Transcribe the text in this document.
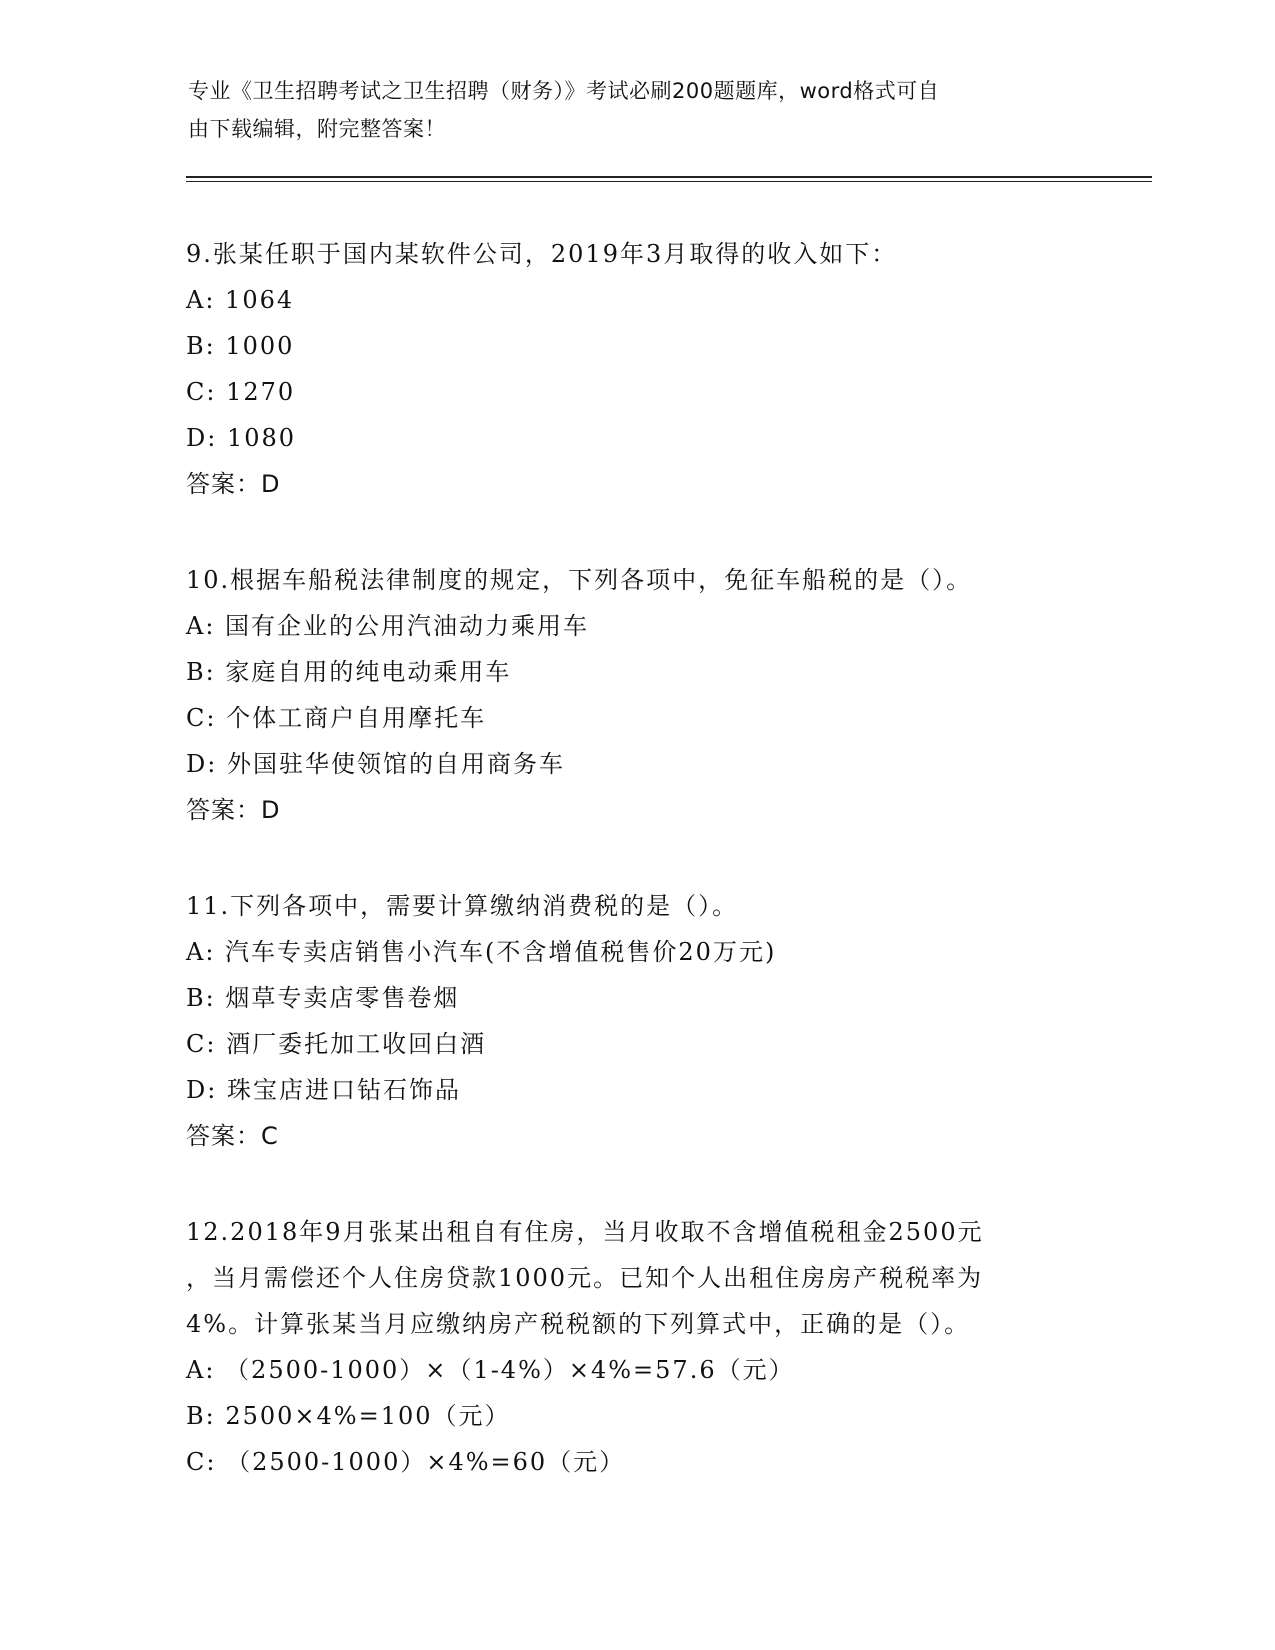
专业《卫生招聘考试之卫生招聘（财务）》考试必刷200题题库，word格式可自
由下载编辑，附完整答案！
9.张某任职于国内某软件公司，2019年3月取得的收入如下：
A: 1064
B: 1000
C: 1270
D: 1080
答案：D
10.根据车船税法律制度的规定，下列各项中，免征车船税的是（）。
A: 国有企业的公用汽油动力乘用车
B: 家庭自用的纯电动乘用车
C: 个体工商户自用摩托车
D: 外国驻华使领馆的自用商务车
答案：D
11.下列各项中，需要计算缴纳消费税的是（）。
A: 汽车专卖店销售小汽车(不含增值税售价20万元)
B: 烟草专卖店零售卷烟
C: 酒厂委托加工收回白酒
D: 珠宝店进口钻石饰品
答案：C
12.2018年9月张某出租自有住房，当月收取不含增值税租金2500元
，当月需偿还个人住房贷款1000元。已知个人出租住房房产税税率为
4%。计算张某当月应缴纳房产税税额的下列算式中，正确的是（）。
A: （2500-1000）×（1-4%）×4%=57.6（元）
B: 2500×4%=100（元）
C: （2500-1000）×4%=60（元）
